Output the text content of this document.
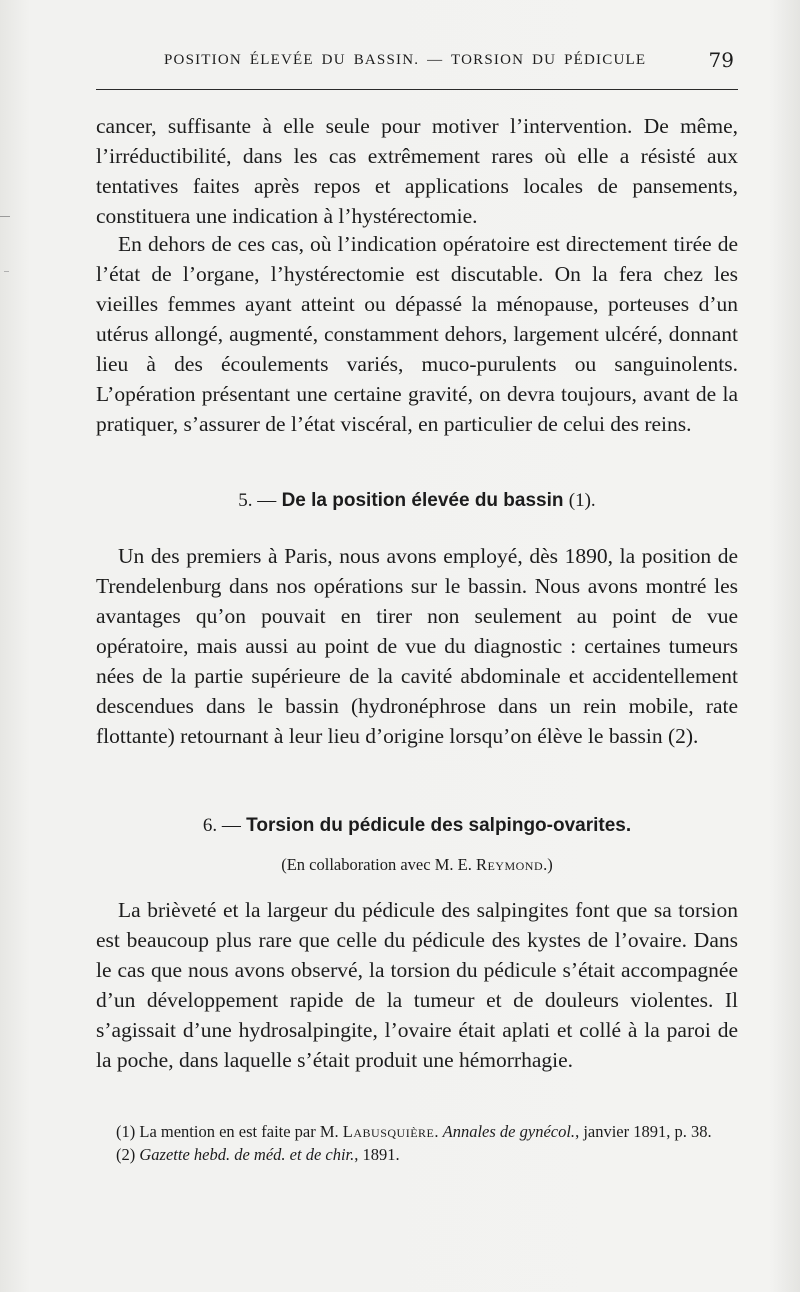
POSITION ÉLEVÉE DU BASSIN. — TORSION DU PÉDICULE	79

cancer, suffisante à elle seule pour motiver l’intervention. De même, l’irréductibilité, dans les cas extrêmement rares où elle a résisté aux tentatives faites après repos et applications locales de pansements, constituera une indication à l’hystérectomie.

En dehors de ces cas, où l’indication opératoire est directement tirée de l’état de l’organe, l’hystérectomie est discutable. On la fera chez les vieilles femmes ayant atteint ou dépassé la ménopause, porteuses d’un utérus allongé, augmenté, constamment dehors, largement ulcéré, donnant lieu à des écoulements variés, muco-purulents ou sanguinolents. L’opération présentant une certaine gravité, on devra toujours, avant de la pratiquer, s’assurer de l’état viscéral, en particulier de celui des reins.

5. — De la position élevée du bassin (1).

Un des premiers à Paris, nous avons employé, dès 1890, la position de Trendelenburg dans nos opérations sur le bassin. Nous avons montré les avantages qu’on pouvait en tirer non seulement au point de vue opératoire, mais aussi au point de vue du diagnostic : certaines tumeurs nées de la partie supérieure de la cavité abdominale et accidentellement descendues dans le bassin (hydronéphrose dans un rein mobile, rate flottante) retournant à leur lieu d’origine lorsqu’on élève le bassin (2).

6. — Torsion du pédicule des salpingo-ovarites.
(En collaboration avec M. E. Reymond.)

La brièveté et la largeur du pédicule des salpingites font que sa torsion est beaucoup plus rare que celle du pédicule des kystes de l’ovaire. Dans le cas que nous avons observé, la torsion du pédicule s’était accompagnée d’un développement rapide de la tumeur et de douleurs violentes. Il s’agissait d’une hydrosalpingite, l’ovaire était aplati et collé à la paroi de la poche, dans laquelle s’était produit une hémorrhagie.

(1) La mention en est faite par M. Labusquière. Annales de gynécol., janvier 1891, p. 38.
(2) Gazette hebd. de méd. et de chir., 1891.
